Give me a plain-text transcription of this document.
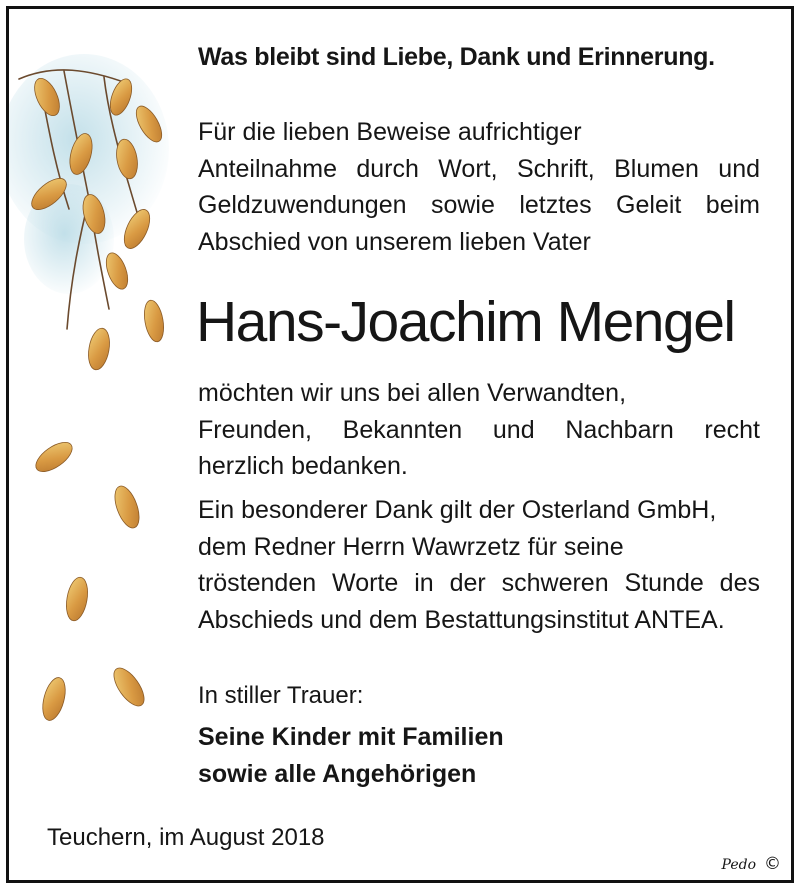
Was bleibt sind Liebe, Dank und Erinnerung.
Für die lieben Beweise aufrichtiger
Anteilnahme durch Wort, Schrift, Blumen und
Geldzuwendungen sowie letztes Geleit beim
Abschied von unserem lieben Vater
Hans-Joachim Mengel
möchten wir uns bei allen Verwandten,
Freunden, Bekannten und Nachbarn recht
herzlich bedanken.
Ein besonderer Dank gilt der Osterland GmbH,
dem Redner Herrn Wawrzetz für seine
tröstenden Worte in der schweren Stunde des
Abschieds und dem Bestattungsinstitut ANTEA.
In stiller Trauer:
Seine Kinder mit Familien
sowie alle Angehörigen
Teuchern, im August 2018
Pedo ©
